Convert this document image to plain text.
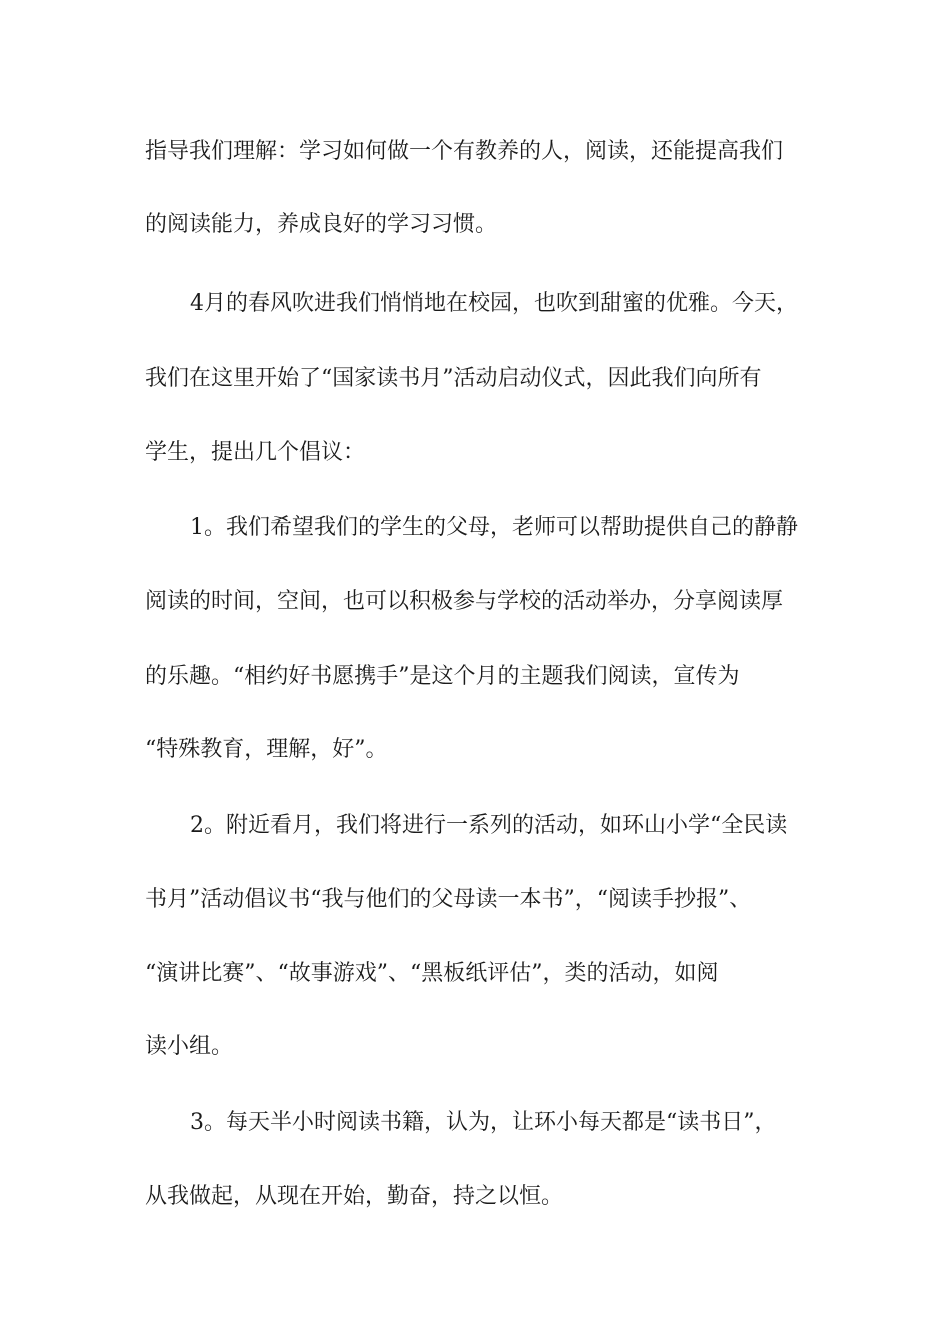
指导我们理解：学习如何做一个有教养的人，阅读，还能提高我们
的阅读能力，养成良好的学习习惯。
4月的春风吹进我们悄悄地在校园，也吹到甜蜜的优雅。今天，
我们在这里开始了“国家读书月”活动启动仪式，因此我们向所有
学生，提出几个倡议：
1。我们希望我们的学生的父母，老师可以帮助提供自己的静静
阅读的时间，空间，也可以积极参与学校的活动举办，分享阅读厚
的乐趣。“相约好书愿携手”是这个月的主题我们阅读，宣传为
“特殊教育，理解，好”。
2。附近看月，我们将进行一系列的活动，如环山小学“全民读
书月”活动倡议书“我与他们的父母读一本书”，“阅读手抄报”、
“演讲比赛”、“故事游戏”、“黑板纸评估”，类的活动，如阅
读小组。
3。每天半小时阅读书籍，认为，让环小每天都是“读书日”，
从我做起，从现在开始，勤奋，持之以恒。
